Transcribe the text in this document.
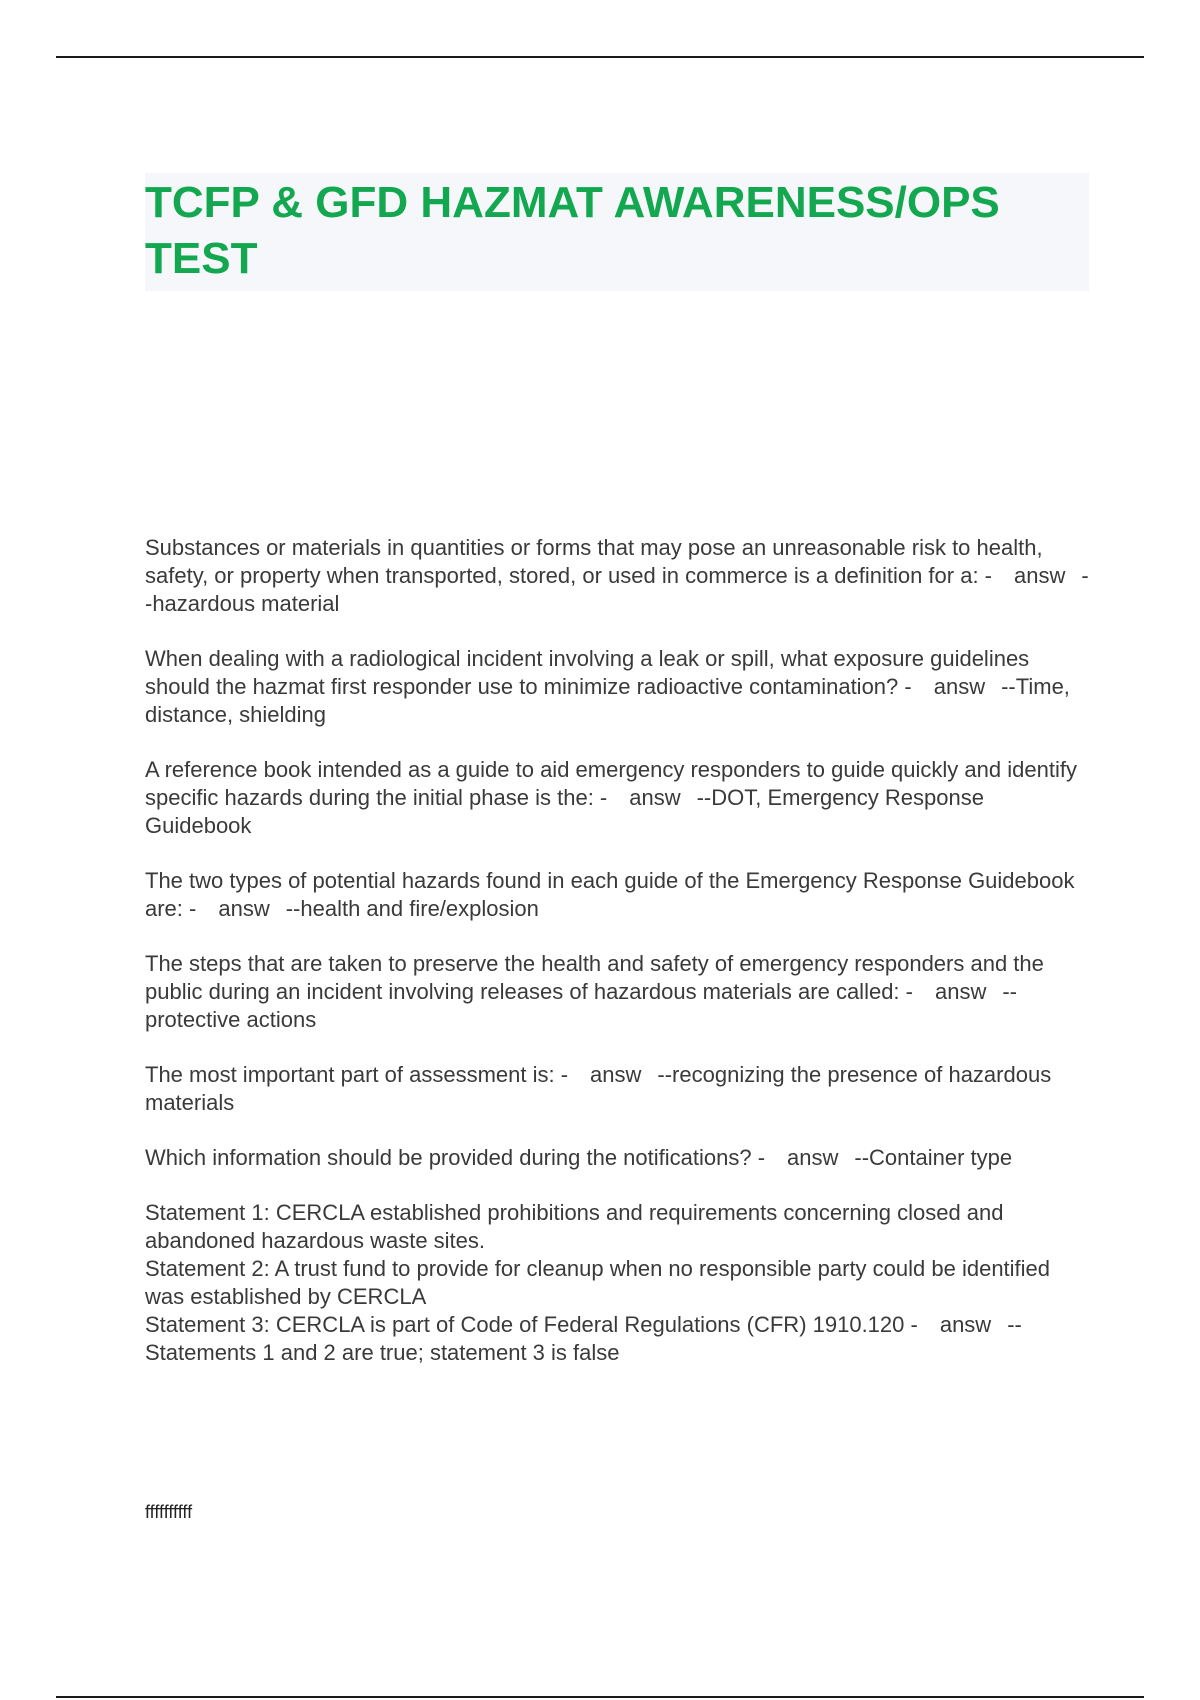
TCFP & GFD HAZMAT AWARENESS/OPS TEST

Substances or materials in quantities or forms that may pose an unreasonable risk to health, safety, or property when transported, stored, or used in commerce is a definition for a: - answ --hazardous material

When dealing with a radiological incident involving a leak or spill, what exposure guidelines should the hazmat first responder use to minimize radioactive contamination? - answ --Time, distance, shielding

A reference book intended as a guide to aid emergency responders to guide quickly and identify specific hazards during the initial phase is the: - answ --DOT, Emergency Response Guidebook

The two types of potential hazards found in each guide of the Emergency Response Guidebook are: - answ --health and fire/explosion

The steps that are taken to preserve the health and safety of emergency responders and the public during an incident involving releases of hazardous materials are called: - answ --protective actions

The most important part of assessment is: - answ --recognizing the presence of hazardous materials

Which information should be provided during the notifications? - answ --Container type

Statement 1: CERCLA established prohibitions and requirements concerning closed and abandoned hazardous waste sites.
Statement 2: A trust fund to provide for cleanup when no responsible party could be identified was established by CERCLA
Statement 3: CERCLA is part of Code of Federal Regulations (CFR) 1910.120 - answ --Statements 1 and 2 are true; statement 3 is false

ffffffffff
